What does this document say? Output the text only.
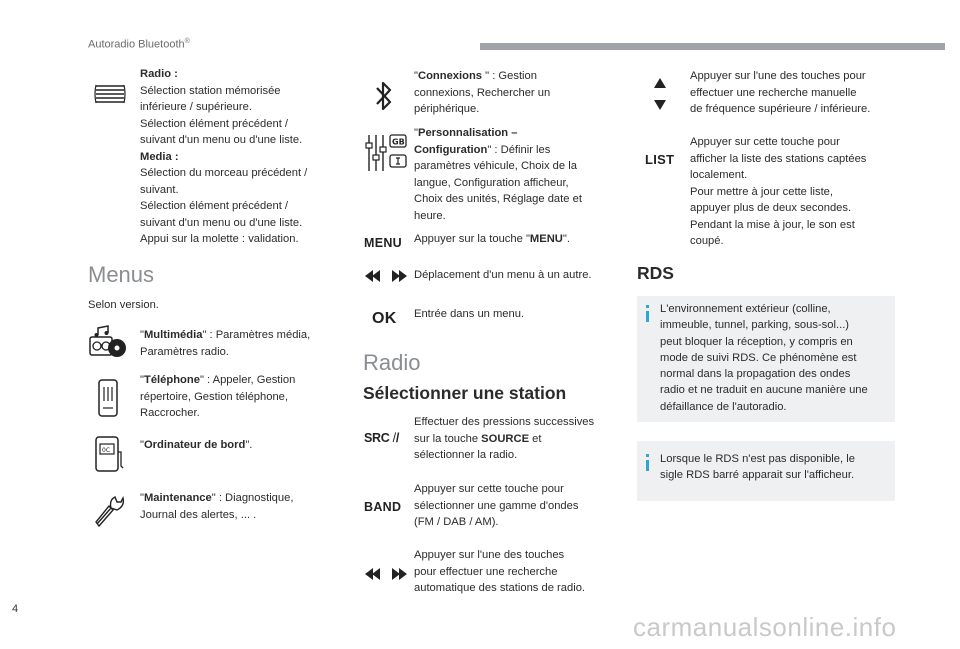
Autoradio Bluetooth®
Radio :
Sélection station mémorisée
inférieure / supérieure.
Sélection élément précédent /
suivant d'un menu ou d'une liste.
Media :
Sélection du morceau précédent /
suivant.
Sélection élément précédent /
suivant d'un menu ou d'une liste.
Appui sur la molette : validation.
Menus
Selon version.
"Multimédia" : Paramètres média,
Paramètres radio.
"Téléphone" : Appeler, Gestion
répertoire, Gestion téléphone,
Raccrocher.
0C	"Ordinateur de bord".
"Maintenance" : Diagnostique,
Journal des alertes, ... .
"Connexions " : Gestion
connexions, Rechercher un
périphérique.
GB
"Personnalisation –
Configuration" : Définir les
paramètres véhicule, Choix de la
langue, Configuration afficheur,
Choix des unités, Réglage date et
heure.
MENU Appuyer sur la touche "MENU".
Déplacement d'un menu à un autre.
OK Entrée dans un menu.
Radio
Sélectionner une station
SRC //
Effectuer des pressions successives
sur la touche SOURCE et
sélectionner la radio.
BAND
Appuyer sur cette touche pour
sélectionner une gamme d'ondes
(FM / DAB / AM).
Appuyer sur l'une des touches
pour effectuer une recherche
automatique des stations de radio.
Appuyer sur l'une des touches pour
effectuer une recherche manuelle
de fréquence supérieure / inférieure.
LIST
Appuyer sur cette touche pour
afficher la liste des stations captées
localement.
Pour mettre à jour cette liste,
appuyer plus de deux secondes.
Pendant la mise à jour, le son est
coupé.
RDS
L'environnement extérieur (colline,
immeuble, tunnel, parking, sous-sol...)
peut bloquer la réception, y compris en
mode de suivi RDS. Ce phénomène est
normal dans la propagation des ondes
radio et ne traduit en aucune manière une
défaillance de l'autoradio.
Lorsque le RDS n'est pas disponible, le
sigle RDS barré apparait sur l'afficheur.
4
carmanualsonline.info
